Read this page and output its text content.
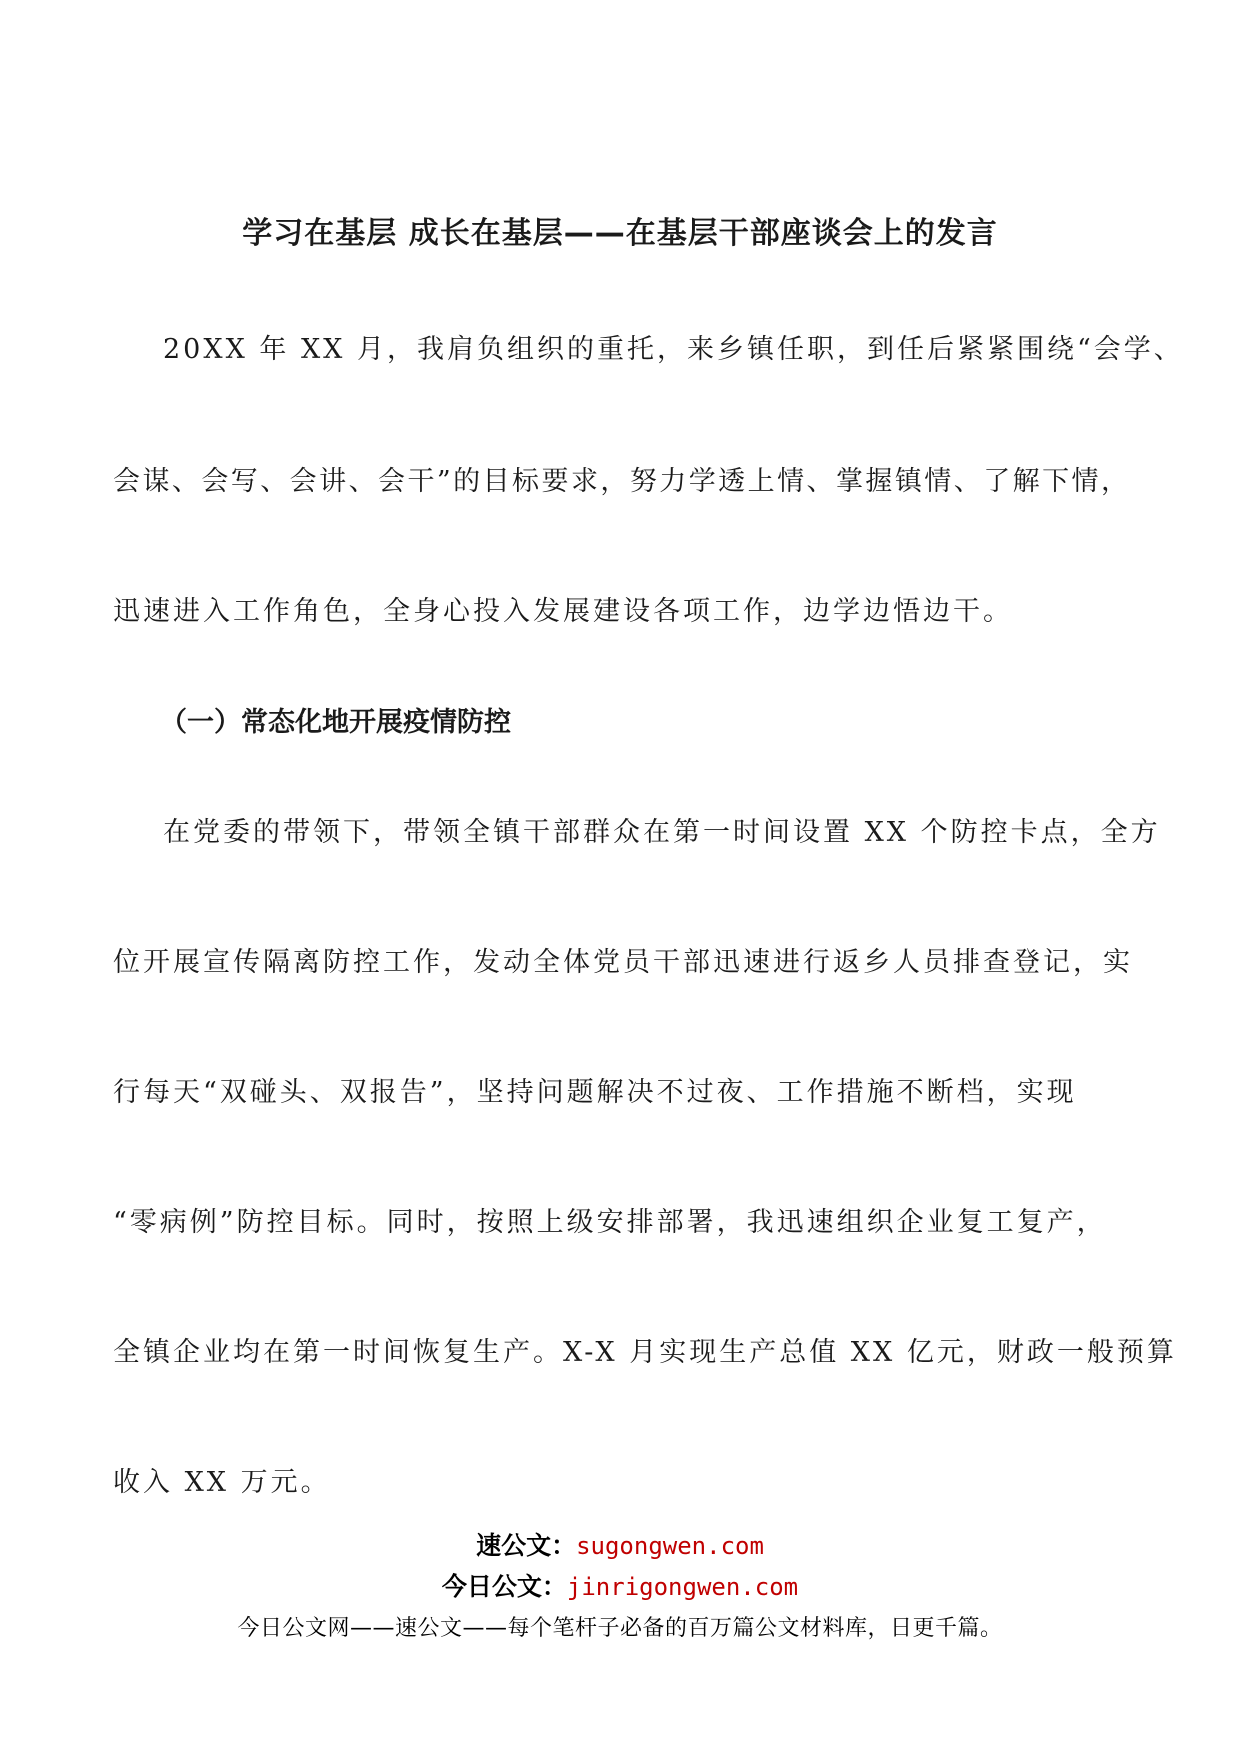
学习在基层 成长在基层——在基层干部座谈会上的发言
20XX 年 XX 月，我肩负组织的重托，来乡镇任职，到任后紧紧围绕“会学、
会谋、会写、会讲、会干”的目标要求，努力学透上情、掌握镇情、了解下情，
迅速进入工作角色，全身心投入发展建设各项工作，边学边悟边干。
（一）常态化地开展疫情防控
在党委的带领下，带领全镇干部群众在第一时间设置 XX 个防控卡点，全方
位开展宣传隔离防控工作，发动全体党员干部迅速进行返乡人员排查登记，实
行每天“双碰头、双报告”，坚持问题解决不过夜、工作措施不断档，实现
“零病例”防控目标。同时，按照上级安排部署，我迅速组织企业复工复产，
全镇企业均在第一时间恢复生产。X-X 月实现生产总值 XX 亿元，财政一般预算
收入 XX 万元。
速公文：sugongwen.com
今日公文：jinrigongwen.com
今日公文网——速公文——每个笔杆子必备的百万篇公文材料库，日更千篇。
